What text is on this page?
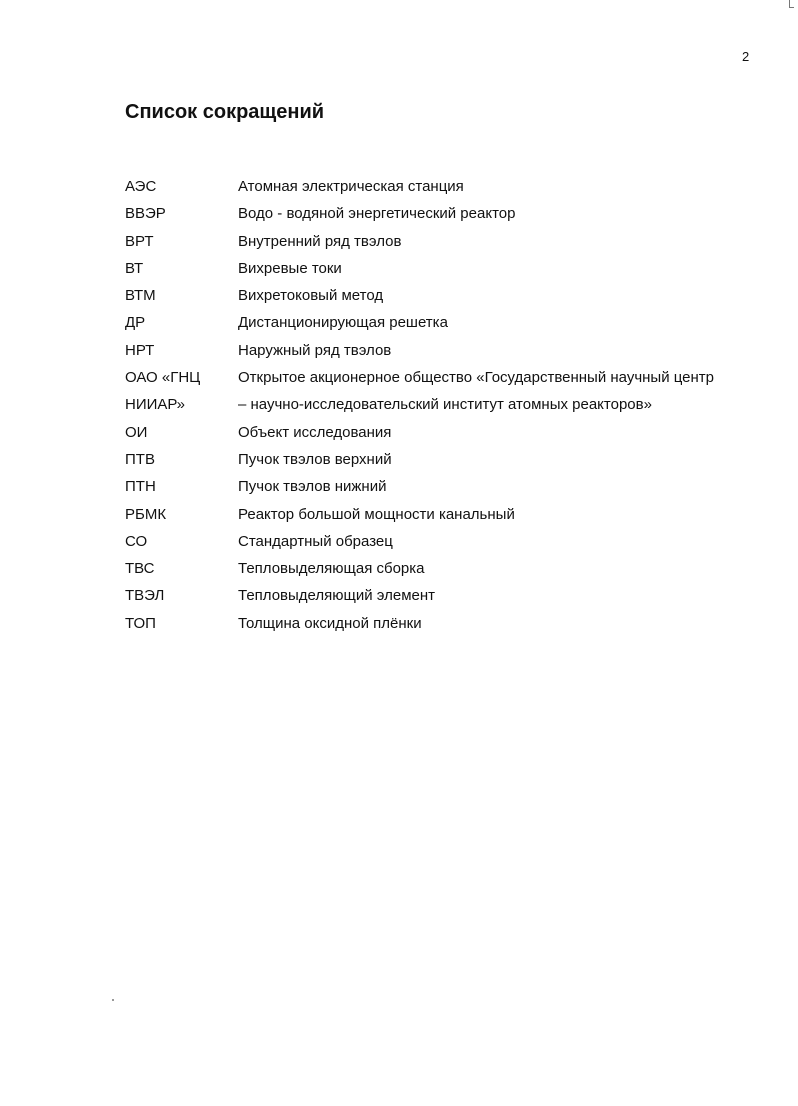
2
Список сокращений
АЭС	Атомная электрическая станция
ВВЭР	Водо - водяной энергетический реактор
ВРТ	Внутренний ряд твэлов
ВТ	Вихревые токи
ВТМ	Вихретоковый метод
ДР	Дистанционирующая решетка
НРТ	Наружный ряд твэлов
ОАО «ГНЦ	Открытое акционерное общество «Государственный научный центр
НИИАР»	– научно-исследовательский институт атомных реакторов»
ОИ	Объект исследования
ПТВ	Пучок твэлов верхний
ПТН	Пучок твэлов нижний
РБМК	Реактор большой мощности канальный
СО	Стандартный образец
ТВС	Тепловыделяющая сборка
ТВЭЛ	Тепловыделяющий элемент
ТОП	Толщина оксидной плёнки
